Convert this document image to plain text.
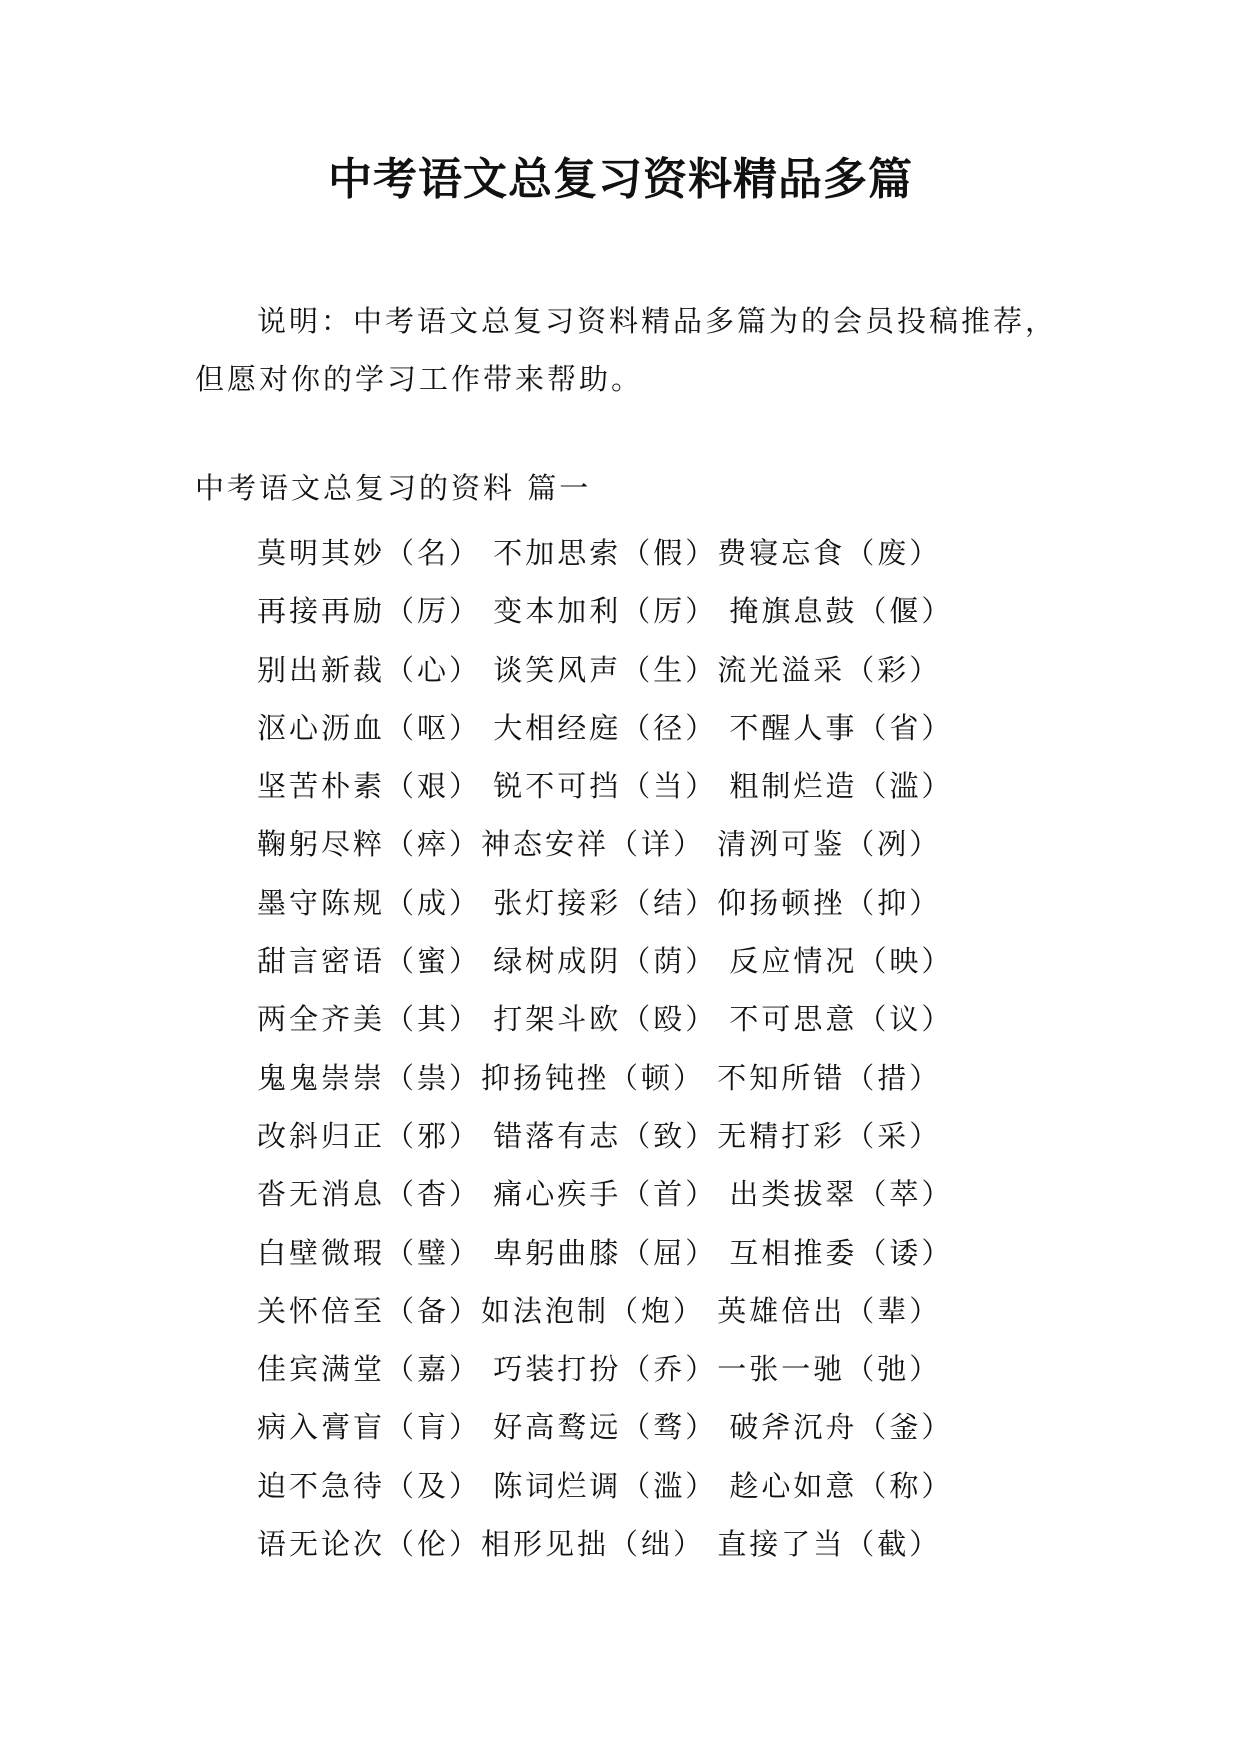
中考语文总复习资料精品多篇
说明：中考语文总复习资料精品多篇为的会员投稿推荐，
但愿对你的学习工作带来帮助。
中考语文总复习的资料 篇一
莫明其妙（名） 不加思索（假）费寝忘食（废）
再接再励（厉） 变本加利（厉） 掩旗息鼓（偃）
别出新裁（心） 谈笑风声（生）流光溢采（彩）
沤心沥血（呕） 大相经庭（径） 不醒人事（省）
坚苦朴素（艰） 锐不可挡（当） 粗制烂造（滥）
鞠躬尽粹（瘁）神态安祥（详） 清洌可鉴（冽）
墨守陈规（成） 张灯接彩（结）仰扬顿挫（抑）
甜言密语（蜜） 绿树成阴（荫） 反应情况（映）
两全齐美（其） 打架斗欧（殴） 不可思意（议）
鬼鬼崇崇（祟）抑扬钝挫（顿） 不知所错（措）
改斜归正（邪） 错落有志（致）无精打彩（采）
沓无消息（杳） 痛心疾手（首） 出类拔翠（萃）
白壁微瑕（璧） 卑躬曲膝（屈） 互相推委（诿）
关怀倍至（备）如法泡制（炮） 英雄倍出（辈）
佳宾满堂（嘉） 巧装打扮（乔）一张一驰（弛）
病入膏盲（肓） 好高鹜远（骛） 破斧沉舟（釜）
迫不急待（及） 陈词烂调（滥） 趁心如意（称）
语无论次（伦）相形见拙（绌） 直接了当（截）
